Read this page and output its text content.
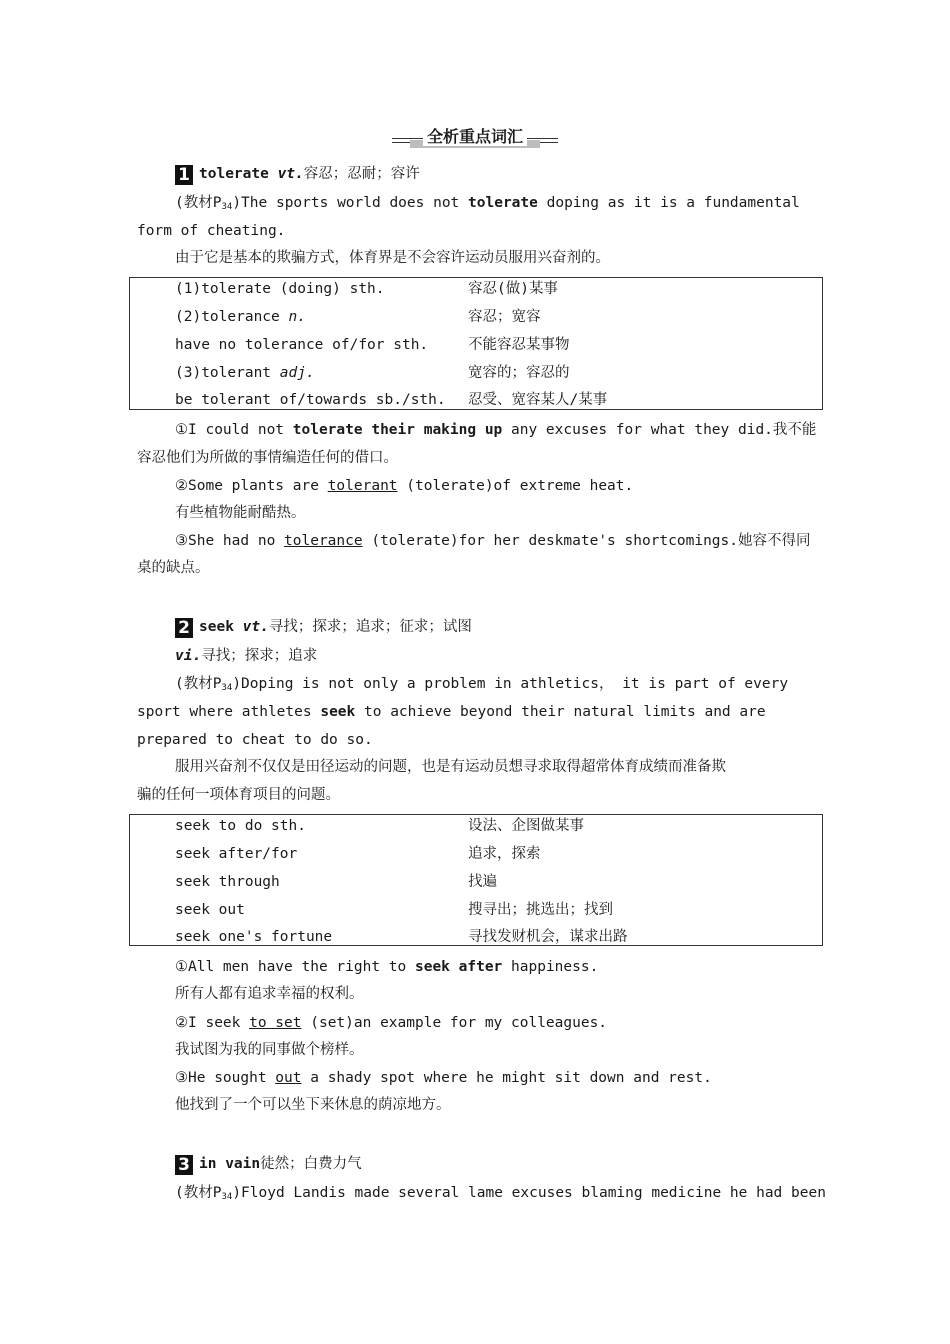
全析重点词汇
1 tolerate vt.容忍；忍耐；容许
(教材$P_{34})The$ sports world does not tolerate doping as it is a fundamental
form of cheating.
由于它是基本的欺骗方式，体育界是不会容许运动员服用兴奋剂的。
(1)tolerate (doing) sth.	容忍(做)某事
(2)tolerance n.	容忍；宽容
have no tolerance of/for sth.	不能容忍某事物
(3)tolerant adj.	宽容的；容忍的
be tolerant of/towards sb./sth. 忍受、宽容某人/某事
①I could not tolerate their making up any excuses for what they did.我不能
容忍他们为所做的事情编造任何的借口。
②Some plants are tolerant (tolerate)of extreme heat.
有些植物能耐酷热。
③She had no tolerance (tolerate)for her deskmate's shortcomings.她容不得同
桌的缺点。
2 seek vt.寻找；探求；追求；征求；试图
vi.寻找；探求；追求
(教材$P_{34})Doping$ is not only a problem in athletics， it is part of every
sport where athletes seek to achieve beyond their natural limits and are
prepared to cheat to do so.
服用兴奋剂不仅仅是田径运动的问题，也是有运动员想寻求取得超常体育成绩而准备欺
骗的任何一项体育项目的问题。
seek to do sth.	设法、企图做某事
seek after/for	追求，探索
seek through	找遍
seek out	搜寻出；挑选出；找到
seek one's fortune	寻找发财机会，谋求出路
①All men have the right to seek after happiness.
所有人都有追求幸福的权利。
②I seek to set (set)an example for my colleagues.
我试图为我的同事做个榜样。
③He sought out a shady spot where he might sit down and rest.
他找到了一个可以坐下来休息的荫凉地方。
3 in vain徒然；白费力气
(教材$P_{34})Floyd$ Landis made several lame excuses blaming medicine he had been
